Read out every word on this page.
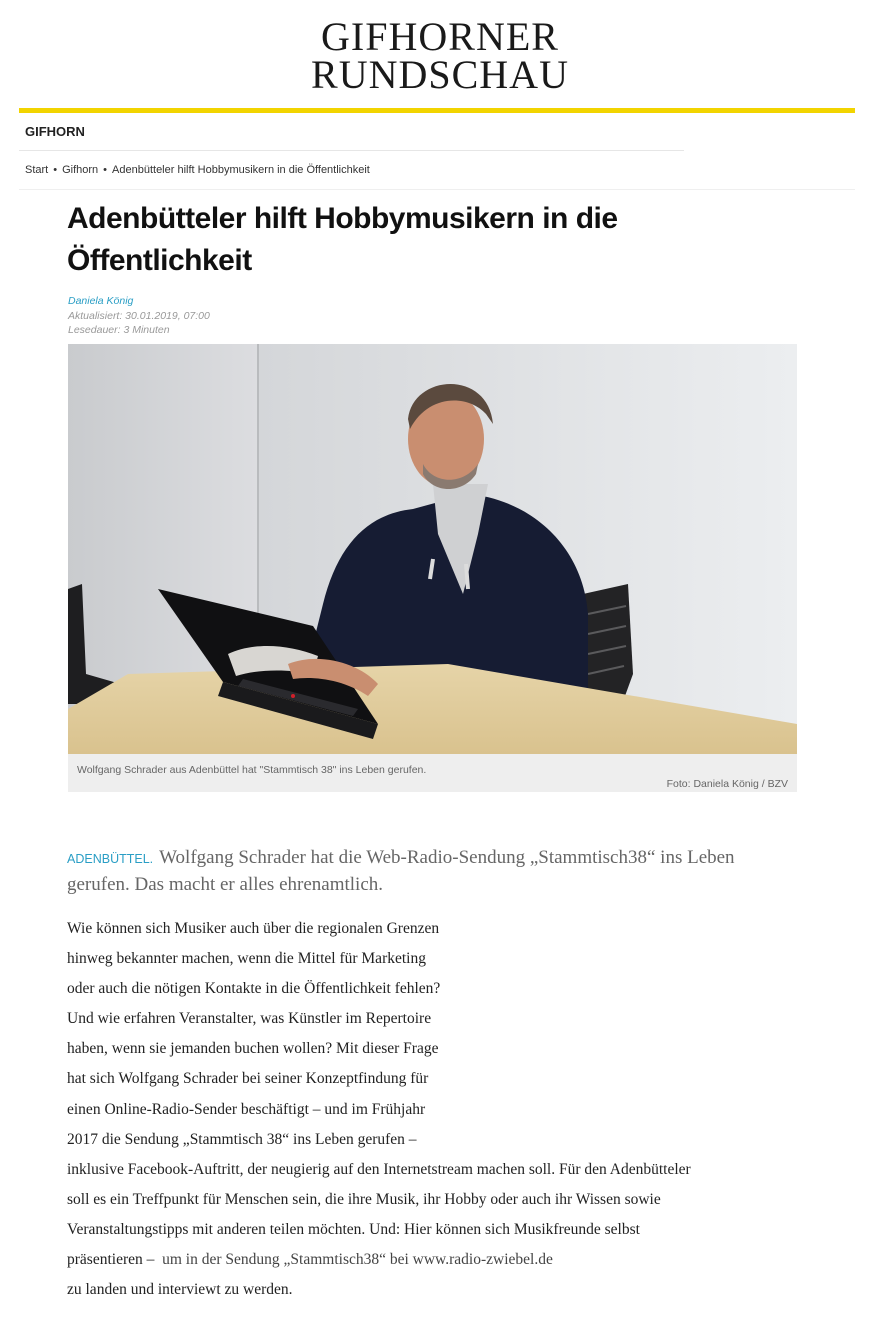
GIFHORNER
RUNDSCHAU
GIFHORN
Start • Gifhorn • Adenbütteler hilft Hobbymusikern in die Öffentlichkeit
Adenbütteler hilft Hobbymusikern in die
Öffentlichkeit
Daniela König
Aktualisiert: 30.01.2019, 07:00
Lesedauer: 3 Minuten
Wolfgang Schrader aus Adenbüttel hat "Stammtisch 38" ins Leben gerufen.
Foto: Daniela König / BZV

ADENBÜTTEL. Wolfgang Schrader hat die Web-Radio-Sendung „Stammtisch38“ ins Leben gerufen. Das macht er alles ehrenamtlich.

Wie können sich Musiker auch über die regionalen Grenzen
hinweg bekannter machen, wenn die Mittel für Marketing
oder auch die nötigen Kontakte in die Öffentlichkeit fehlen?
Und wie erfahren Veranstalter, was Künstler im Repertoire
haben, wenn sie jemanden buchen wollen? Mit dieser Frage
hat sich Wolfgang Schrader bei seiner Konzeptfindung für
einen Online-Radio-Sender beschäftigt – und im Frühjahr
2017 die Sendung „Stammtisch 38“ ins Leben gerufen –
inklusive Facebook-Auftritt, der neugierig auf den Internetstream machen soll. Für den Adenbütteler
soll es ein Treffpunkt für Menschen sein, die ihre Musik, ihr Hobby oder auch ihr Wissen sowie
Veranstaltungstipps mit anderen teilen möchten. Und: Hier können sich Musikfreunde selbst
präsentieren – um in der Sendung „Stammtisch38“ bei www.radio-zwiebel.de
zu landen und interviewt zu werden.
